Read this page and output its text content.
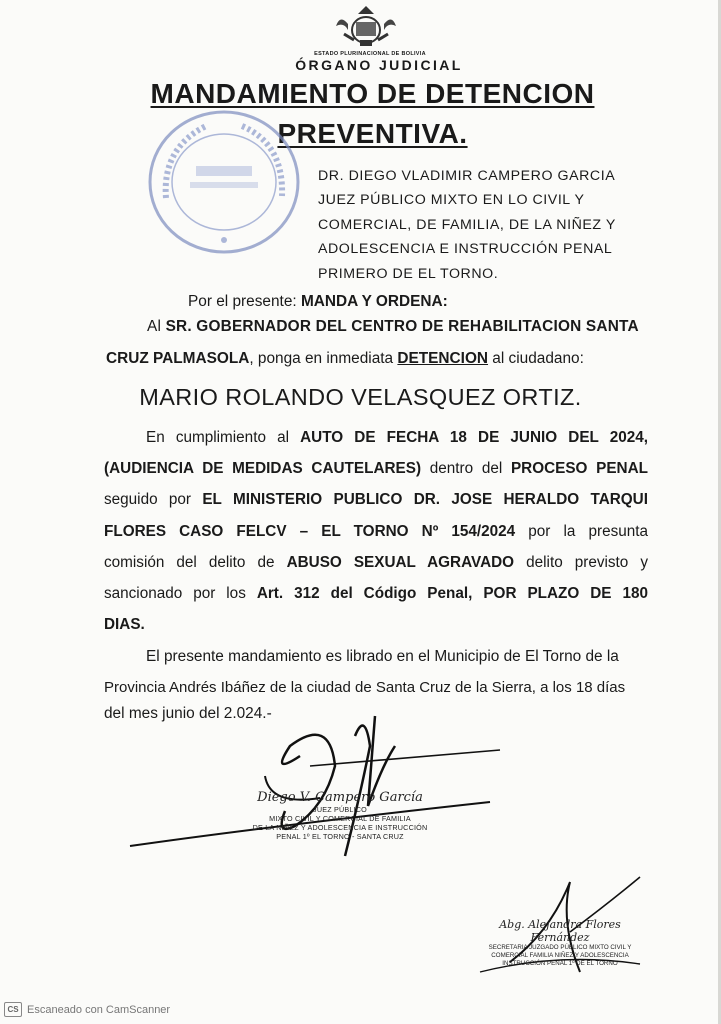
ESTADO PLURINACIONAL DE BOLIVIA
ÓRGANO JUDICIAL
MANDAMIENTO DE DETENCION
PREVENTIVA.
DR. DIEGO VLADIMIR CAMPERO GARCIA
JUEZ PÚBLICO MIXTO EN LO CIVIL Y
COMERCIAL, DE FAMILIA, DE LA NIÑEZ Y
ADOLESCENCIA E INSTRUCCIÓN PENAL
PRIMERO DE EL TORNO.
Por el presente: MANDA Y ORDENA:
Al SR. GOBERNADOR DEL CENTRO DE REHABILITACION SANTA
CRUZ PALMASOLA, ponga en inmediata DETENCION al ciudadano:
MARIO ROLANDO VELASQUEZ ORTIZ.
En cumplimiento al AUTO DE FECHA 18 DE JUNIO DEL 2024,
(AUDIENCIA DE MEDIDAS CAUTELARES) dentro del PROCESO PENAL
seguido por EL MINISTERIO PUBLICO DR. JOSE HERALDO TARQUI
FLORES CASO FELCV – EL TORNO Nº 154/2024 por la presunta
comisión del delito de ABUSO SEXUAL AGRAVADO delito previsto y
sancionado por los Art. 312 del Código Penal, POR PLAZO DE 180
DIAS.
El presente mandamiento es librado en el Municipio de El Torno de la
Provincia Andrés Ibáñez de la ciudad de Santa Cruz de la Sierra, a los 18 días
del mes junio del 2.024.-
Diego V. Campero García
JUEZ PÚBLICO
MIXTO CIVIL Y COMERCIAL DE FAMILIA
DE LA NIÑEZ Y ADOLESCENCIA E INSTRUCCIÓN
PENAL 1º EL TORNO - SANTA CRUZ
Abg. Alejandra Flores Fernández
SECRETARIA JUZGADO PÚBLICO MIXTO CIVIL Y
COMERCIAL FAMILIA NIÑEZ Y ADOLESCENCIA
INSTRUCCIÓN PENAL 1º DE EL TORNO
CS Escaneado con CamScanner
